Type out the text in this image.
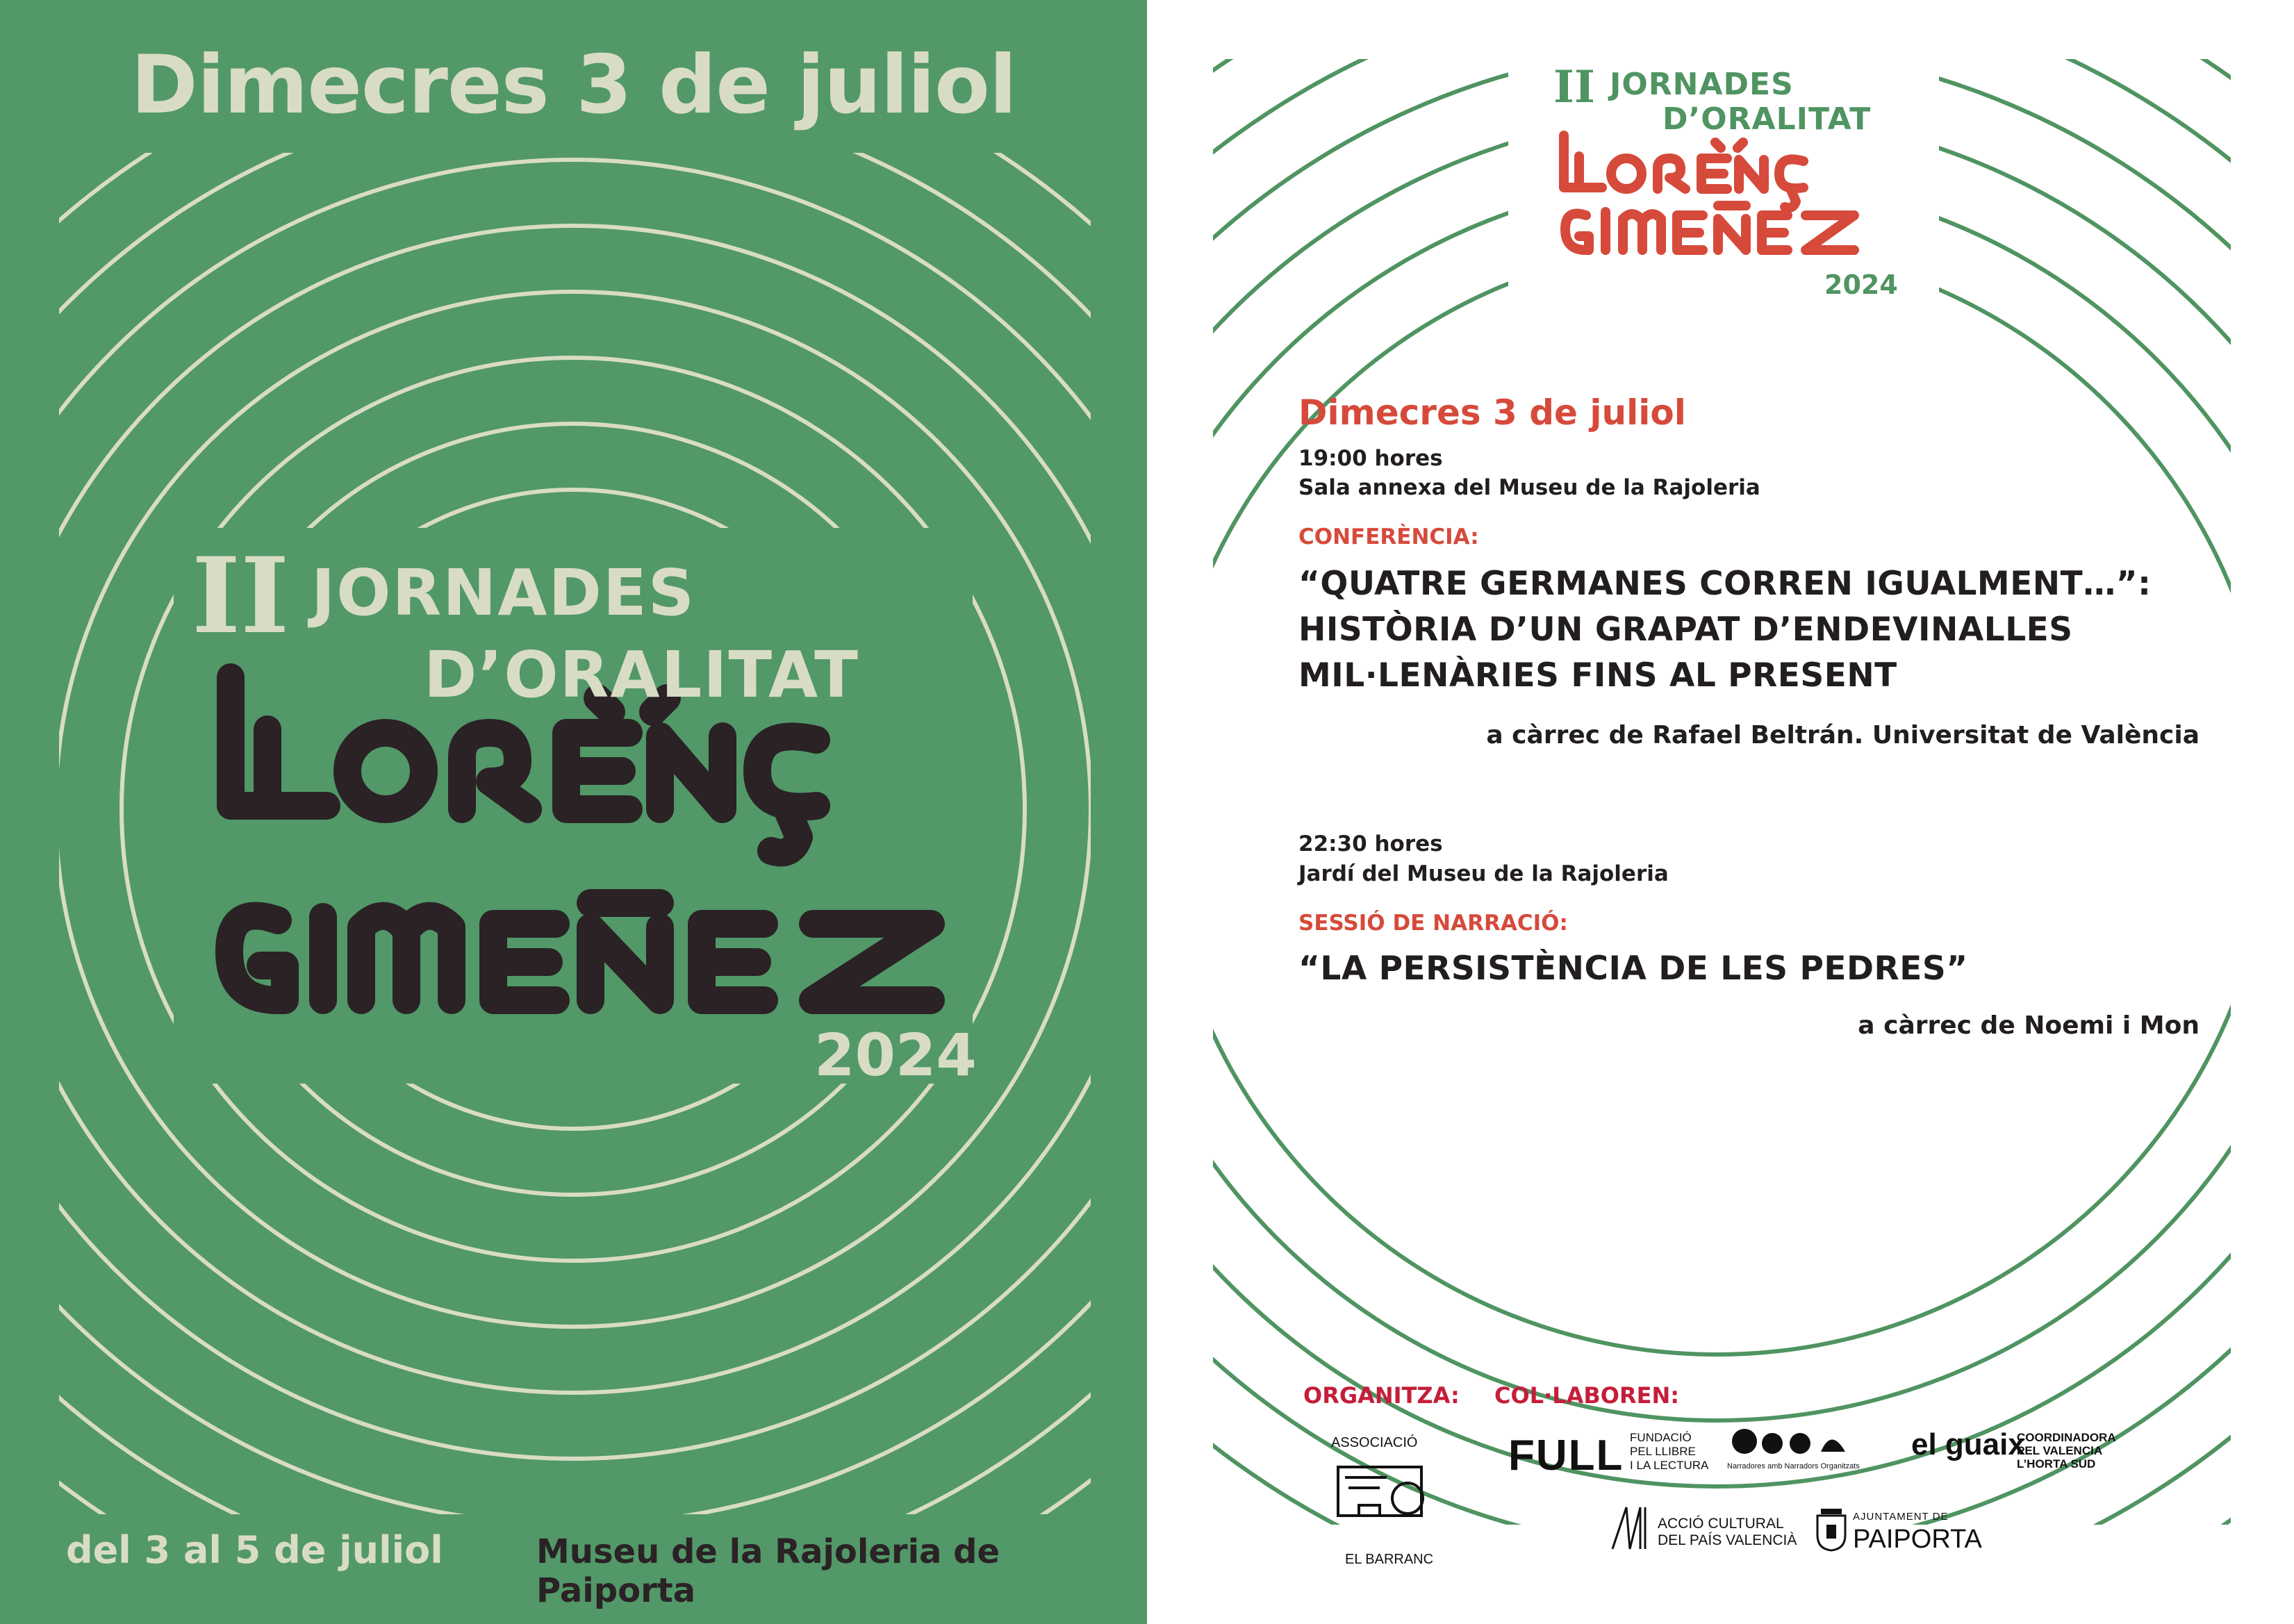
Dimecres 3 de juliol
II JORNADES
D’ORALITAT
2024
del 3 al 5 de juliol	Museu de la Rajoleria de Paiporta
II JORNADES
D’ORALITAT
2024
Dimecres 3 de juliol
19:00 hores
Sala annexa del Museu de la Rajoleria
CONFERÈNCIA:
“QUATRE GERMANES CORREN IGUALMENT…”:
HISTÒRIA D’UN GRAPAT D’ENDEVINALLES
MIL·LENÀRIES FINS AL PRESENT
a càrrec de Rafael Beltrán. Universitat de València
22:30 hores
Jardí del Museu de la Rajoleria
SESSIÓ DE NARRACIÓ:
“LA PERSISTÈNCIA DE LES PEDRES”
a càrrec de Noemi i Mon
ORGANITZA: COL·LABOREN:
ASSOCIACIÓ
EL BARRANC
FULL FUNDACIÓ
PEL LLIBRE
I LA LECTURA Narradores amb Narradors Organitzats
el guaix
COORDINADORA
PEL VALENCIA
L’HORTA SUD
ACCIÓ CULTURAL
DEL PAÍS VALENCIÀ
AJUNTAMENT DE
PAIPORTA
